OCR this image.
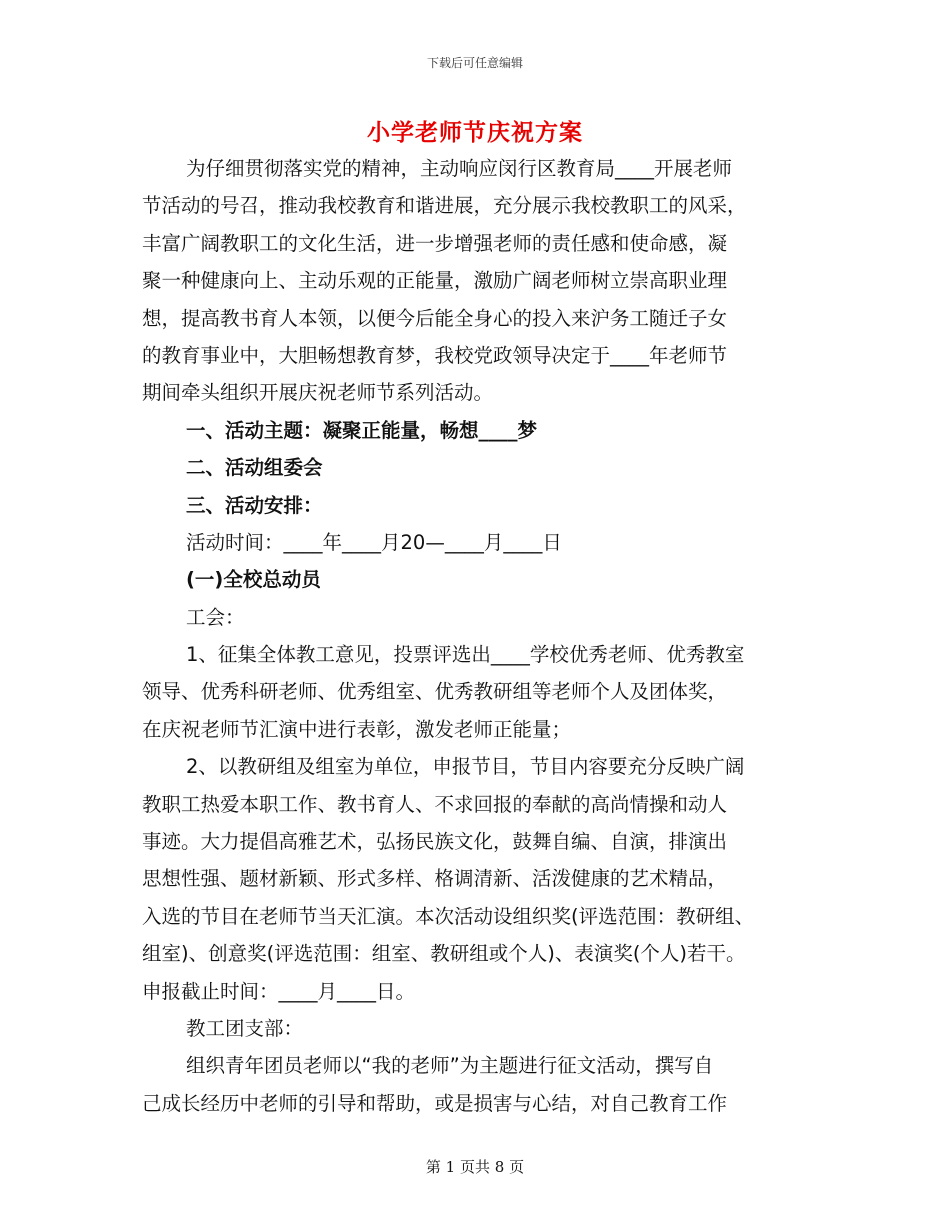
下载后可任意编辑
小学老师节庆祝方案
为仔细贯彻落实党的精神，主动响应闵行区教育局____开展老师
节活动的号召，推动我校教育和谐进展，充分展示我校教职工的风采，
丰富广阔教职工的文化生活，进一步增强老师的责任感和使命感，凝
聚一种健康向上、主动乐观的正能量，激励广阔老师树立崇高职业理
想，提高教书育人本领，以便今后能全身心的投入来沪务工随迁子女
的教育事业中，大胆畅想教育梦，我校党政领导决定于____年老师节
期间牵头组织开展庆祝老师节系列活动。
一、活动主题：凝聚正能量，畅想____梦
二、活动组委会
三、活动安排：
活动时间：____年____月20—____月____日
(一)全校总动员
工会：
1、征集全体教工意见，投票评选出____学校优秀老师、优秀教室
领导、优秀科研老师、优秀组室、优秀教研组等老师个人及团体奖，
在庆祝老师节汇演中进行表彰，激发老师正能量；
2、以教研组及组室为单位，申报节目，节目内容要充分反映广阔
教职工热爱本职工作、教书育人、不求回报的奉献的高尚情操和动人
事迹。大力提倡高雅艺术，弘扬民族文化，鼓舞自编、自演，排演出
思想性强、题材新颖、形式多样、格调清新、活泼健康的艺术精品，
入选的节目在老师节当天汇演。本次活动设组织奖(评选范围：教研组、
组室)、创意奖(评选范围：组室、教研组或个人)、表演奖(个人)若干。
申报截止时间：____月____日。
教工团支部：
组织青年团员老师以“我的老师”为主题进行征文活动，撰写自
己成长经历中老师的引导和帮助，或是损害与心结，对自己教育工作
第 1 页共 8 页
